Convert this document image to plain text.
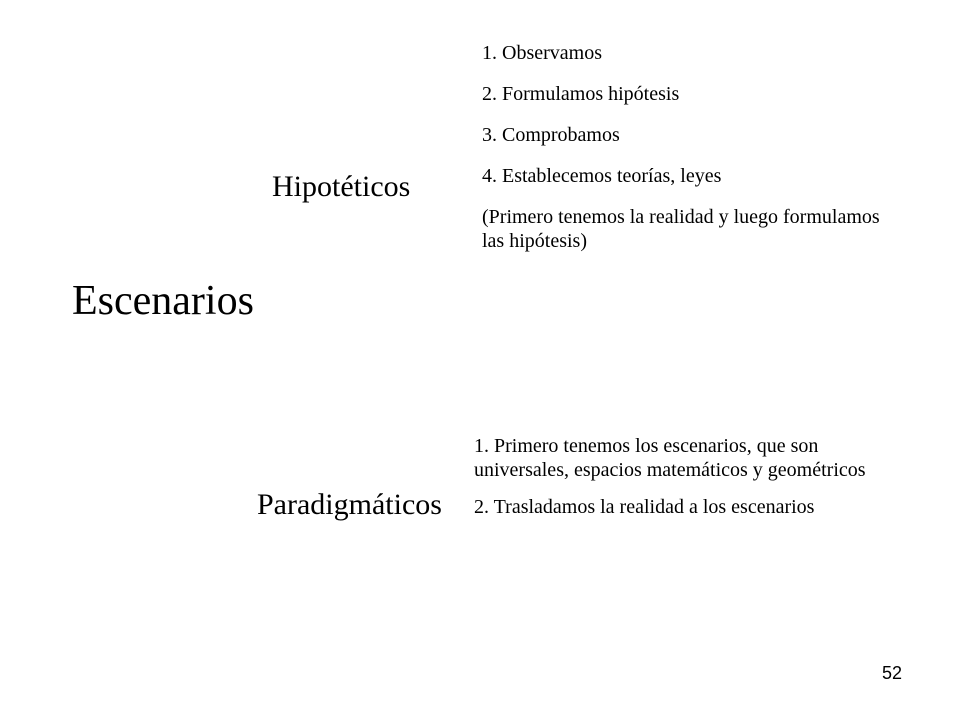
Escenarios
Hipotéticos
1. Observamos
2. Formulamos hipótesis
3. Comprobamos
4. Establecemos teorías, leyes
(Primero tenemos la realidad y luego formulamos las hipótesis)
Paradigmáticos
1. Primero tenemos los escenarios, que son universales, espacios matemáticos y geométricos
2. Trasladamos la realidad a los escenarios
52
